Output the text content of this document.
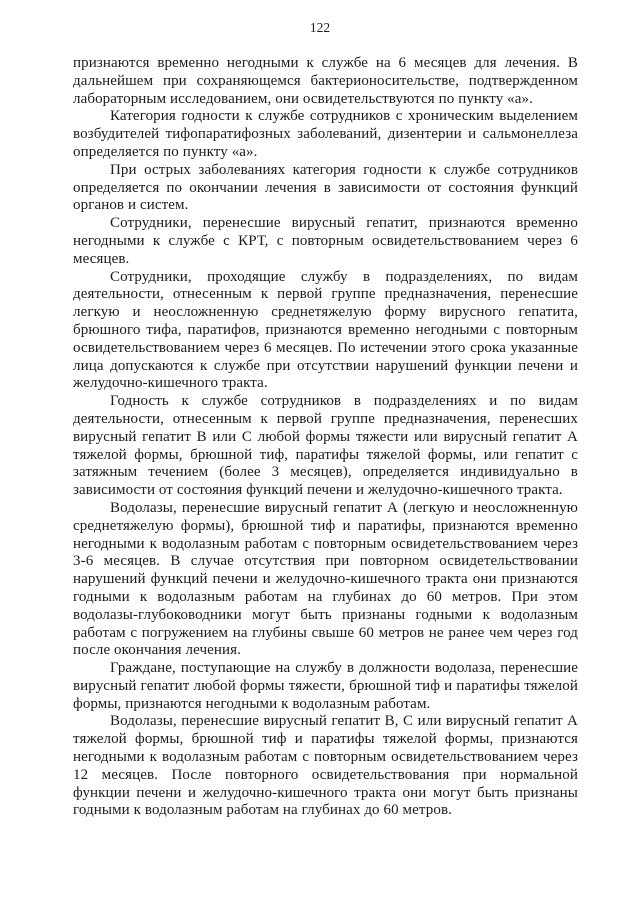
122

признаются временно негодными к службе на 6 месяцев для лечения. В дальнейшем при сохраняющемся бактерионосительстве, подтвержденном лабораторным исследованием, они освидетельствуются по пункту «а».

Категория годности к службе сотрудников с хроническим выделением возбудителей тифопаратифозных заболеваний, дизентерии и сальмонеллеза определяется по пункту «а».

При острых заболеваниях категория годности к службе сотрудников определяется по окончании лечения в зависимости от состояния функций органов и систем.

Сотрудники, перенесшие вирусный гепатит, признаются временно негодными к службе с КРТ, с повторным освидетельствованием через 6 месяцев.

Сотрудники, проходящие службу в подразделениях, по видам деятельности, отнесенным к первой группе предназначения, перенесшие легкую и неосложненную среднетяжелую форму вирусного гепатита, брюшного тифа, паратифов, признаются временно негодными с повторным освидетельствованием через 6 месяцев. По истечении этого срока указанные лица допускаются к службе при отсутствии нарушений функции печени и желудочно-кишечного тракта.

Годность к службе сотрудников в подразделениях и по видам деятельности, отнесенным к первой группе предназначения, перенесших вирусный гепатит В или С любой формы тяжести или вирусный гепатит А тяжелой формы, брюшной тиф, паратифы тяжелой формы, или гепатит с затяжным течением (более 3 месяцев), определяется индивидуально в зависимости от состояния функций печени и желудочно-кишечного тракта.

Водолазы, перенесшие вирусный гепатит А (легкую и неосложненную среднетяжелую формы), брюшной тиф и паратифы, признаются временно негодными к водолазным работам с повторным освидетельствованием через 3-6 месяцев. В случае отсутствия при повторном освидетельствовании нарушений функций печени и желудочно-кишечного тракта они признаются годными к водолазным работам на глубинах до 60 метров. При этом водолазы-глубоководники могут быть признаны годными к водолазным работам с погружением на глубины свыше 60 метров не ранее чем через год после окончания лечения.

Граждане, поступающие на службу в должности водолаза, перенесшие вирусный гепатит любой формы тяжести, брюшной тиф и паратифы тяжелой формы, признаются негодными к водолазным работам.

Водолазы, перенесшие вирусный гепатит В, С или вирусный гепатит А тяжелой формы, брюшной тиф и паратифы тяжелой формы, признаются негодными к водолазным работам с повторным освидетельствованием через 12 месяцев. После повторного освидетельствования при нормальной функции печени и желудочно-кишечного тракта они могут быть признаны годными к водолазным работам на глубинах до 60 метров.
